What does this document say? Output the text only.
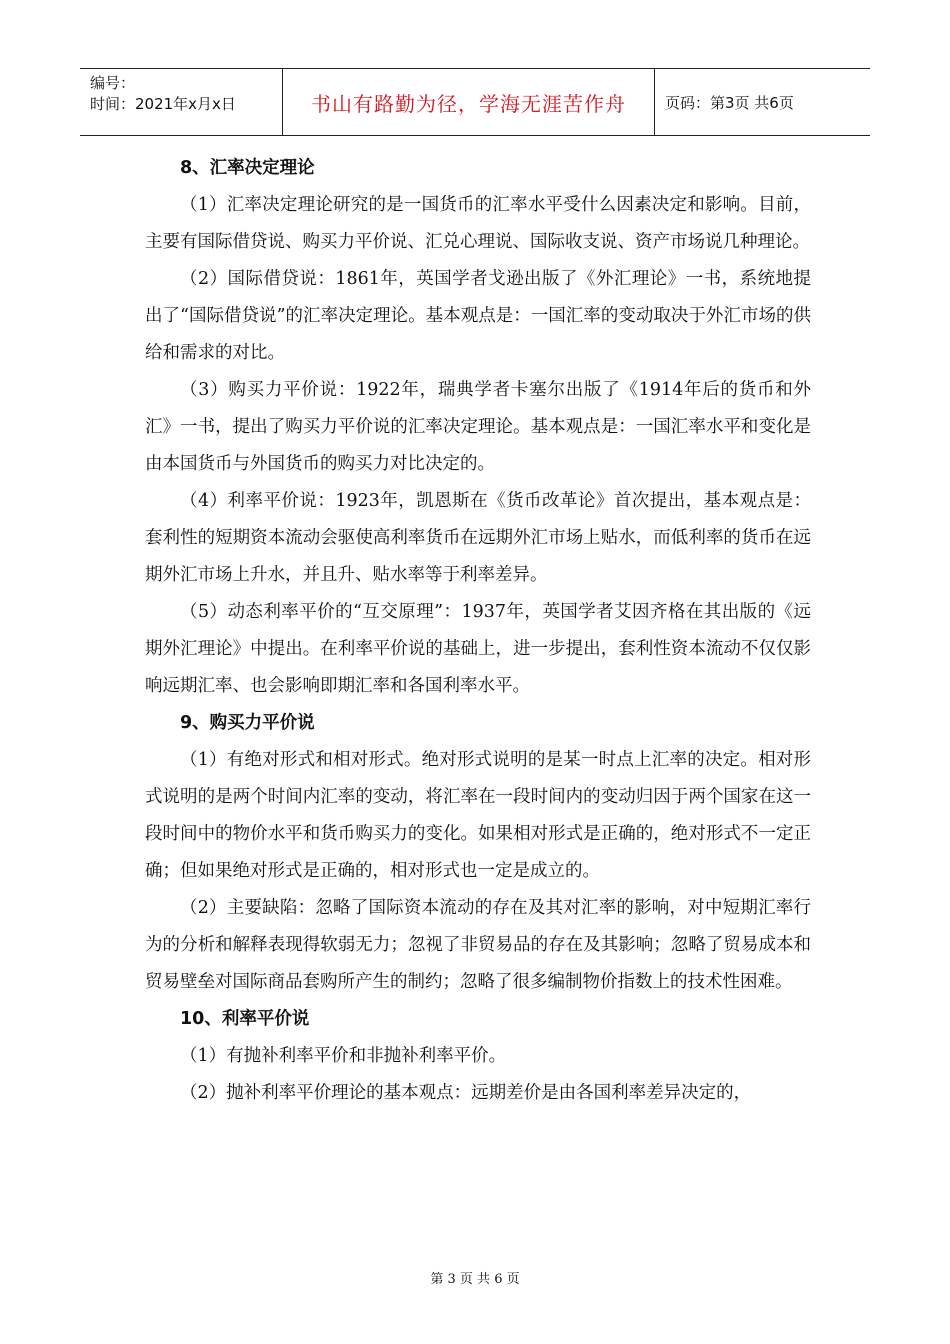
编号：
时间：2021年x月x日	书山有路勤为径，学海无涯苦作舟	页码：第3页 共6页
8、汇率决定理论

（1）汇率决定理论研究的是一国货币的汇率水平受什么因素决定和影响。目前，主要有国际借贷说、购买力平价说、汇兑心理说、国际收支说、资产市场说几种理论。

（2）国际借贷说：1861年，英国学者戈逊出版了《外汇理论》一书，系统地提出了“国际借贷说”的汇率决定理论。基本观点是：一国汇率的变动取决于外汇市场的供给和需求的对比。

（3）购买力平价说：1922年，瑞典学者卡塞尔出版了《1914年后的货币和外汇》一书，提出了购买力平价说的汇率决定理论。基本观点是：一国汇率水平和变化是由本国货币与外国货币的购买力对比决定的。

（4）利率平价说：1923年，凯恩斯在《货币改革论》首次提出，基本观点是：套利性的短期资本流动会驱使高利率货币在远期外汇市场上贴水，而低利率的货币在远期外汇市场上升水，并且升、贴水率等于利率差异。

（5）动态利率平价的“互交原理”：1937年，英国学者艾因齐格在其出版的《远期外汇理论》中提出。在利率平价说的基础上，进一步提出，套利性资本流动不仅仅影响远期汇率、也会影响即期汇率和各国利率水平。

9、购买力平价说

（1）有绝对形式和相对形式。绝对形式说明的是某一时点上汇率的决定。相对形式说明的是两个时间内汇率的变动，将汇率在一段时间内的变动归因于两个国家在这一段时间中的物价水平和货币购买力的变化。如果相对形式是正确的，绝对形式不一定正确；但如果绝对形式是正确的，相对形式也一定是成立的。

（2）主要缺陷：忽略了国际资本流动的存在及其对汇率的影响，对中短期汇率行为的分析和解释表现得软弱无力；忽视了非贸易品的存在及其影响；忽略了贸易成本和贸易壁垒对国际商品套购所产生的制约；忽略了很多编制物价指数上的技术性困难。

10、利率平价说

（1）有抛补利率平价和非抛补利率平价。

（2）抛补利率平价理论的基本观点：远期差价是由各国利率差异决定的，

第 3 页 共 6 页
